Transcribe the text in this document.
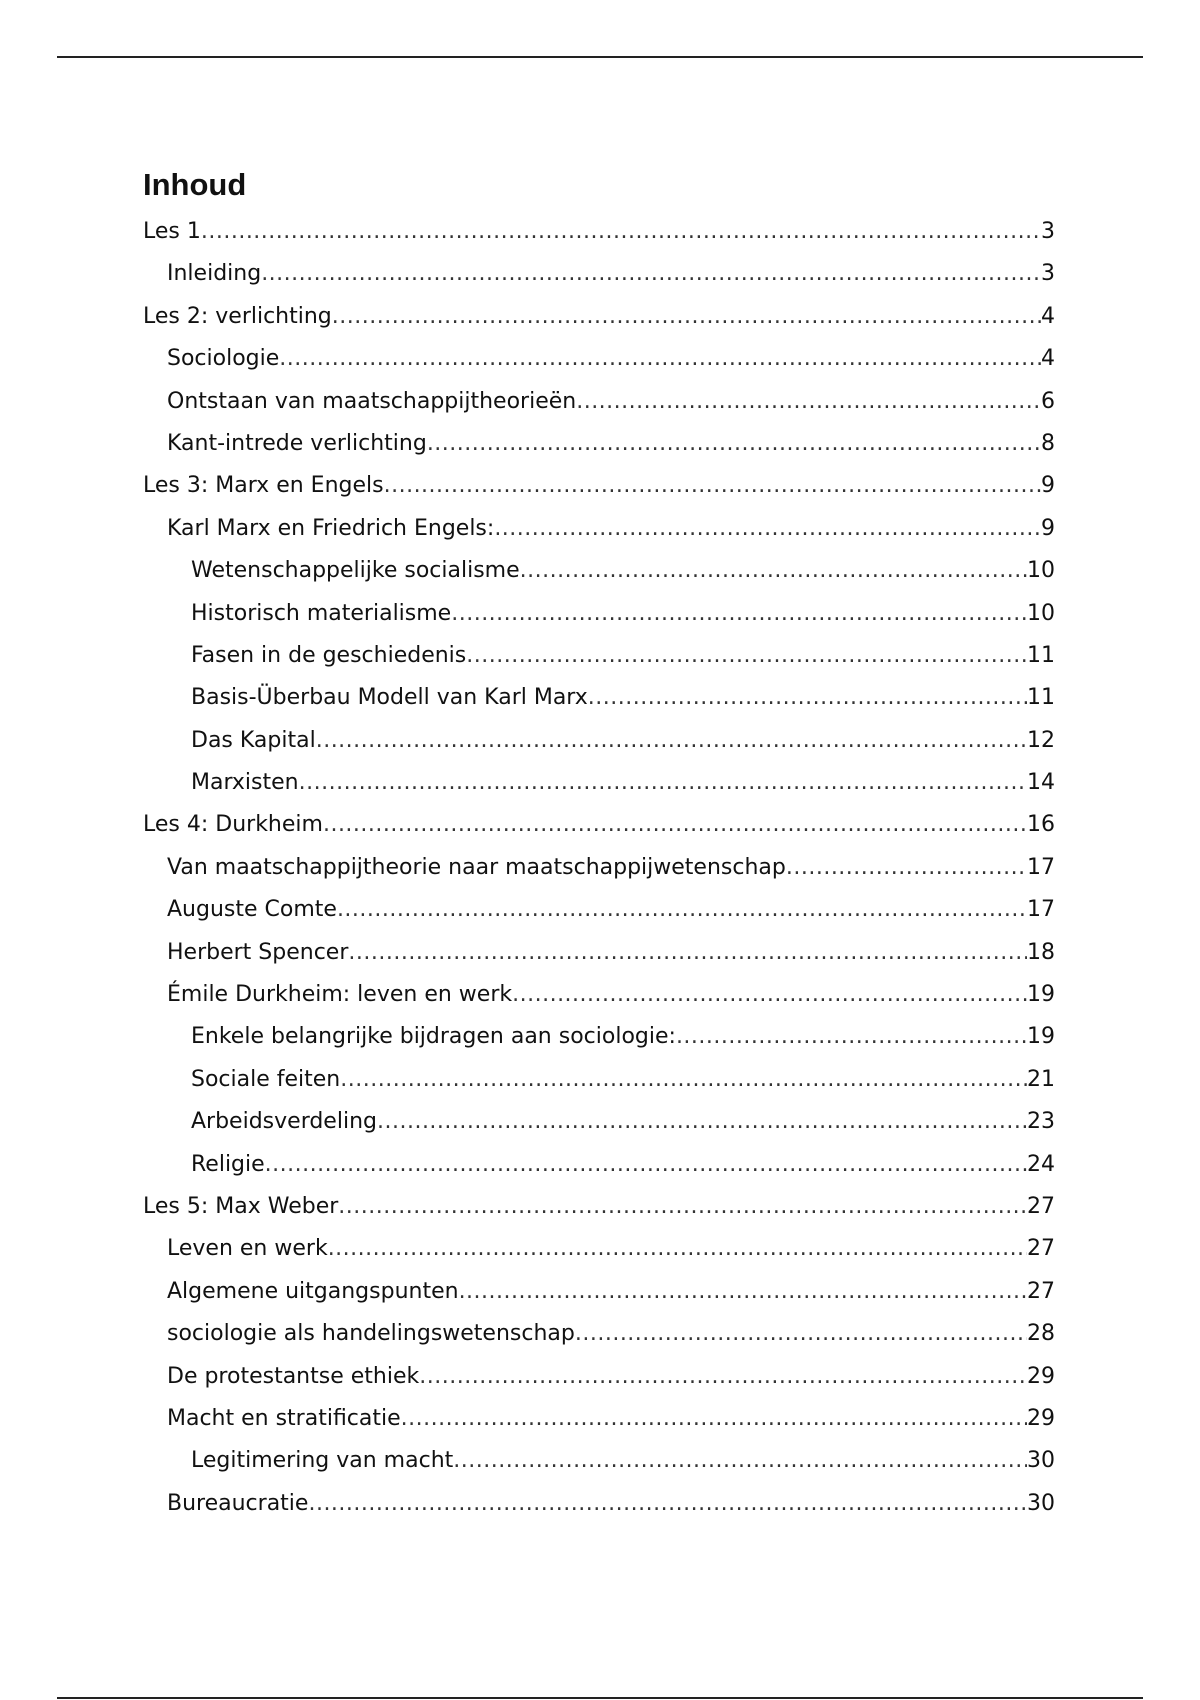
Inhoud
Les 1 .....	3
Inleiding .....	3
Les 2: verlichting .....	4
Sociologie .....	4
Ontstaan van maatschappijtheorieën .....	6
Kant-intrede verlichting .....	8
Les 3: Marx en Engels .....	9
Karl Marx en Friedrich Engels: .....	9
Wetenschappelijke socialisme .....	10
Historisch materialisme .....	10
Fasen in de geschiedenis .....	11
Basis-Überbau Modell van Karl Marx .....	11
Das Kapital .....	12
Marxisten .....	14
Les 4: Durkheim .....	16
Van maatschappijtheorie naar maatschappijwetenschap .....	17
Auguste Comte .....	17
Herbert Spencer .....	18
Émile Durkheim: leven en werk .....	19
Enkele belangrijke bijdragen aan sociologie: .....	19
Sociale feiten .....	21
Arbeidsverdeling .....	23
Religie .....	24
Les 5: Max Weber .....	27
Leven en werk .....	27
Algemene uitgangspunten .....	27
sociologie als handelingswetenschap .....	28
De protestantse ethiek .....	29
Macht en stratificatie .....	29
Legitimering van macht .....	30
Bureaucratie .....	30
